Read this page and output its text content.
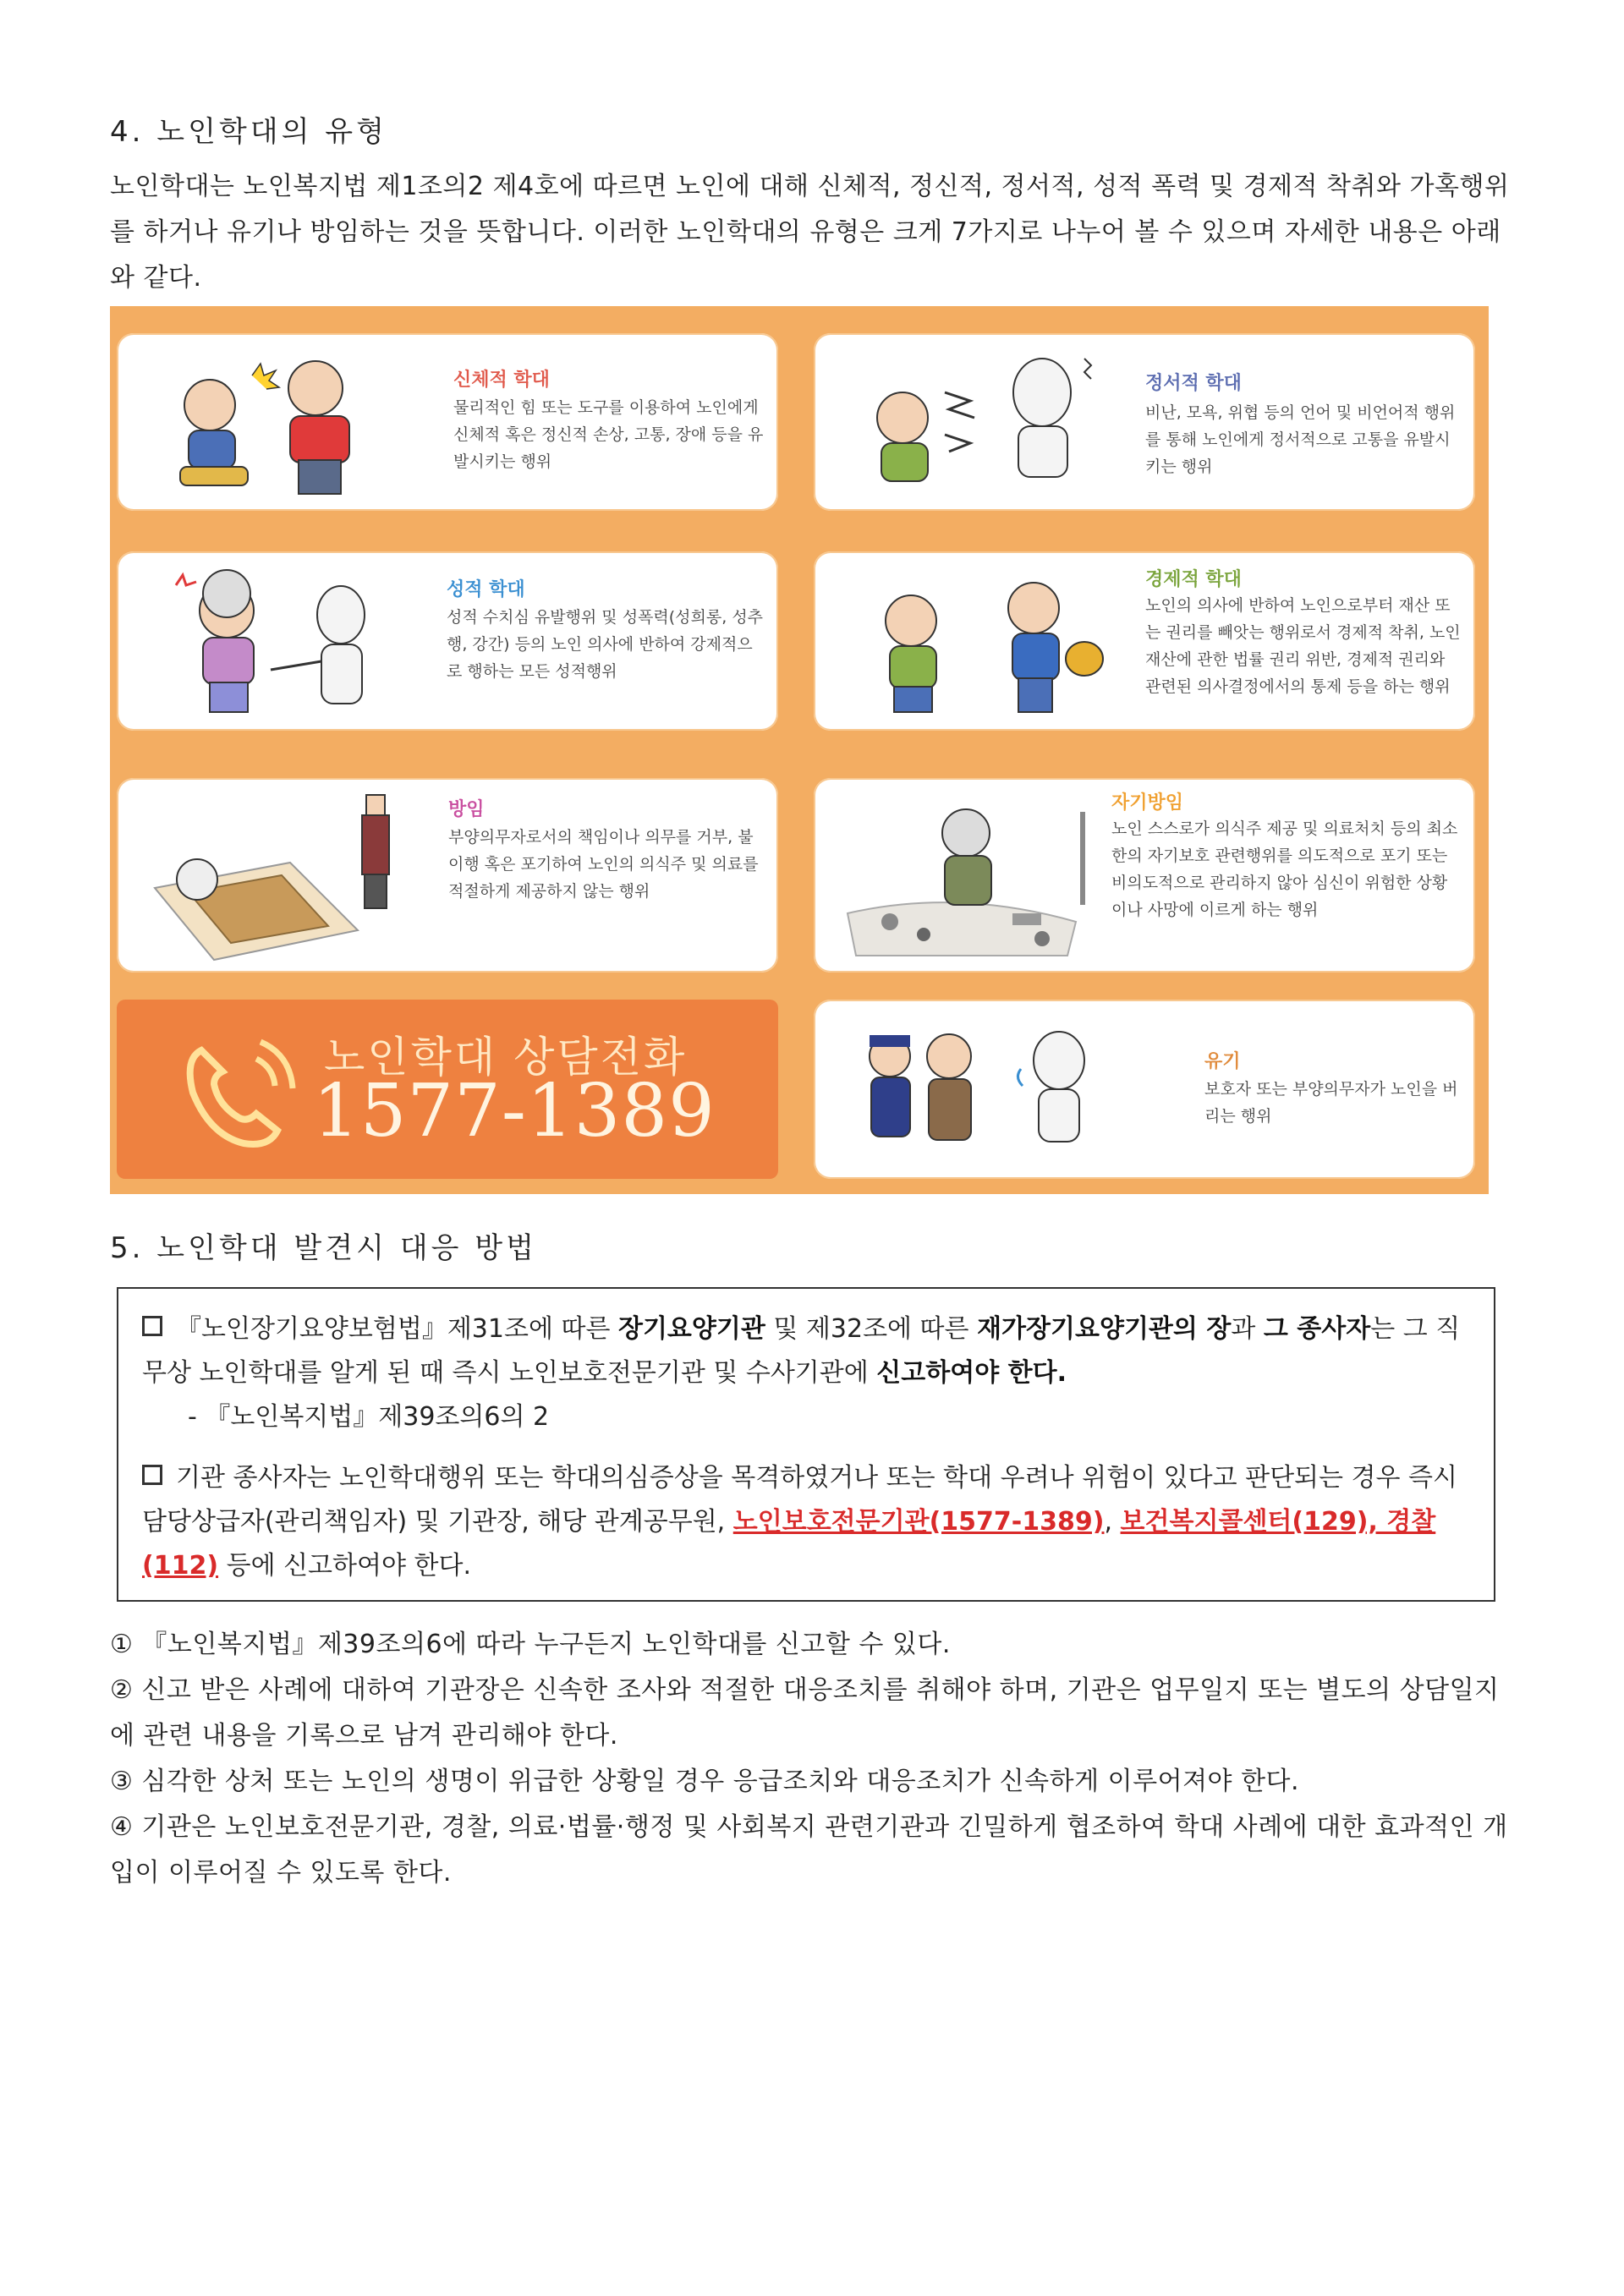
4. 노인학대의 유형
노인학대는 노인복지법 제1조의2 제4호에 따르면 노인에 대해 신체적, 정신적, 정서적, 성적 폭력 및 경제적 착취와 가혹행위를 하거나 유기나 방임하는 것을 뜻합니다. 이러한 노인학대의 유형은 크게 7가지로 나누어 볼 수 있으며 자세한 내용은 아래와 같다.
신체적 학대
물리적인 힘 또는 도구를 이용하여 노인에게 신체적 혹은 정신적 손상, 고통, 장애 등을 유발시키는 행위
정서적 학대
비난, 모욕, 위협 등의 언어 및 비언어적 행위를 통해 노인에게 정서적으로 고통을 유발시키는 행위
성적 학대
성적 수치심 유발행위 및 성폭력(성희롱, 성추행, 강간) 등의 노인 의사에 반하여 강제적으로 행하는 모든 성적행위
경제적 학대
노인의 의사에 반하여 노인으로부터 재산 또는 권리를 빼앗는 행위로서 경제적 착취, 노인 재산에 관한 법률 권리 위반, 경제적 권리와 관련된 의사결정에서의 통제 등을 하는 행위
방임
부양의무자로서의 책임이나 의무를 거부, 불이행 혹은 포기하여 노인의 의식주 및 의료를 적절하게 제공하지 않는 행위
자기방임
노인 스스로가 의식주 제공 및 의료처치 등의 최소한의 자기보호 관련행위를 의도적으로 포기 또는 비의도적으로 관리하지 않아 심신이 위험한 상황이나 사망에 이르게 하는 행위
노인학대 상담전화
1577-1389
유기
보호자 또는 부양의무자가 노인을 버리는 행위
5. 노인학대 발견시 대응 방법
『노인장기요양보험법』제31조에 따른 장기요양기관 및 제32조에 따른 재가장기요양기관의 장과 그 종사자는 그 직무상 노인학대를 알게 된 때 즉시 노인보호전문기관 및 수사기관에 신고하여야 한다.
- 『노인복지법』제39조의6의 2
기관 종사자는 노인학대행위 또는 학대의심증상을 목격하였거나 또는 학대 우려나 위험이 있다고 판단되는 경우 즉시 담당상급자(관리책임자) 및 기관장, 해당 관계공무원, 노인보호전문기관(1577-1389), 보건복지콜센터(129), 경찰(112) 등에 신고하여야 한다.
① 『노인복지법』제39조의6에 따라 누구든지 노인학대를 신고할 수 있다.
② 신고 받은 사례에 대하여 기관장은 신속한 조사와 적절한 대응조치를 취해야 하며, 기관은 업무일지 또는 별도의 상담일지에 관련 내용을 기록으로 남겨 관리해야 한다.
③ 심각한 상처 또는 노인의 생명이 위급한 상황일 경우 응급조치와 대응조치가 신속하게 이루어져야 한다.
④ 기관은 노인보호전문기관, 경찰, 의료·법률·행정 및 사회복지 관련기관과 긴밀하게 협조하여 학대 사례에 대한 효과적인 개입이 이루어질 수 있도록 한다.
